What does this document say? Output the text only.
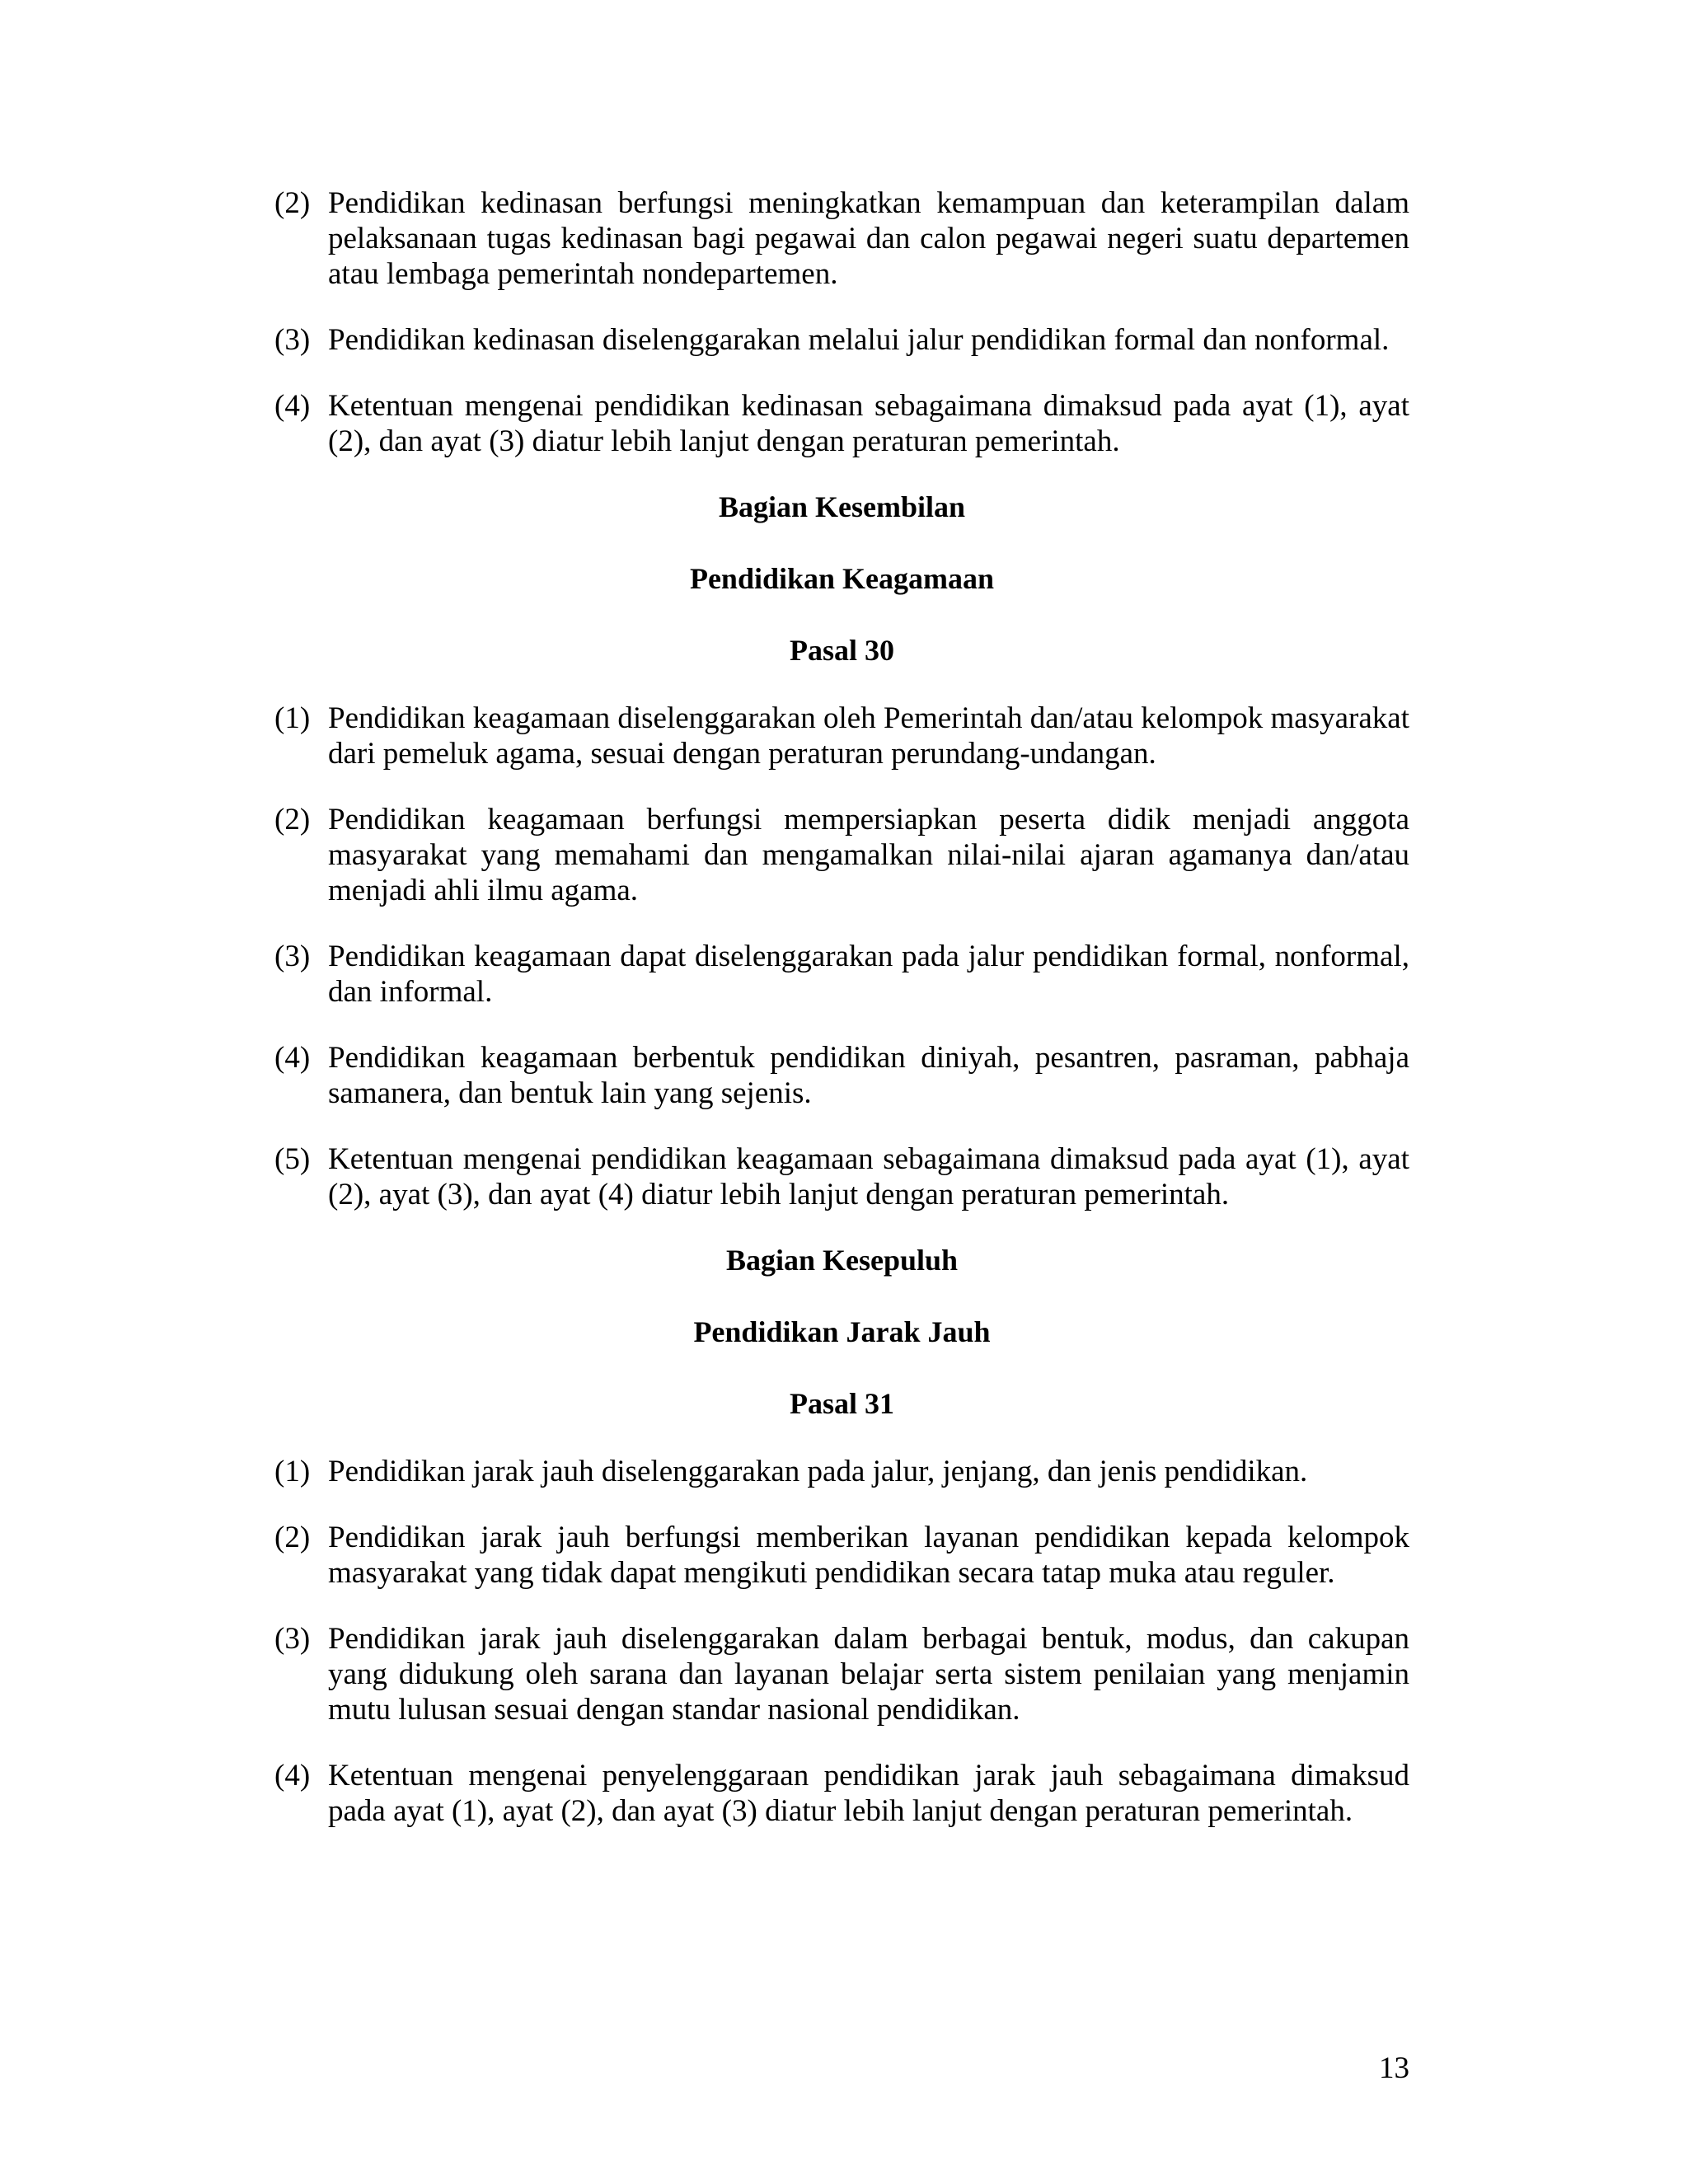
(2) Pendidikan kedinasan berfungsi meningkatkan kemampuan dan keterampilan dalam pelaksanaan tugas kedinasan bagi pegawai dan calon pegawai negeri suatu departemen atau lembaga pemerintah nondepartemen.
(3) Pendidikan kedinasan diselenggarakan melalui jalur pendidikan formal dan nonformal.
(4) Ketentuan mengenai pendidikan kedinasan sebagaimana dimaksud pada ayat (1), ayat (2), dan ayat (3) diatur lebih lanjut dengan peraturan pemerintah.
Bagian Kesembilan
Pendidikan Keagamaan
Pasal 30
(1) Pendidikan keagamaan diselenggarakan oleh Pemerintah dan/atau kelompok masyarakat dari pemeluk agama, sesuai dengan peraturan perundang-undangan.
(2) Pendidikan keagamaan berfungsi mempersiapkan peserta didik menjadi anggota masyarakat yang memahami dan mengamalkan nilai-nilai ajaran agamanya dan/atau menjadi ahli ilmu agama.
(3) Pendidikan keagamaan dapat diselenggarakan pada jalur pendidikan formal, nonformal, dan informal.
(4) Pendidikan keagamaan berbentuk pendidikan diniyah, pesantren, pasraman, pabhaja samanera, dan bentuk lain yang sejenis.
(5) Ketentuan mengenai pendidikan keagamaan sebagaimana dimaksud pada ayat (1), ayat (2), ayat (3), dan ayat (4) diatur lebih lanjut dengan peraturan pemerintah.
Bagian Kesepuluh
Pendidikan Jarak Jauh
Pasal 31
(1) Pendidikan jarak jauh diselenggarakan pada jalur, jenjang, dan jenis pendidikan.
(2) Pendidikan jarak jauh berfungsi memberikan layanan pendidikan kepada kelompok masyarakat yang tidak dapat mengikuti pendidikan secara tatap muka atau reguler.
(3) Pendidikan jarak jauh diselenggarakan dalam berbagai bentuk, modus, dan cakupan yang didukung oleh sarana dan layanan belajar serta sistem penilaian yang menjamin mutu lulusan sesuai dengan standar nasional pendidikan.
(4) Ketentuan mengenai penyelenggaraan pendidikan jarak jauh sebagaimana dimaksud pada ayat (1), ayat (2), dan ayat (3) diatur lebih lanjut dengan peraturan pemerintah.
13
